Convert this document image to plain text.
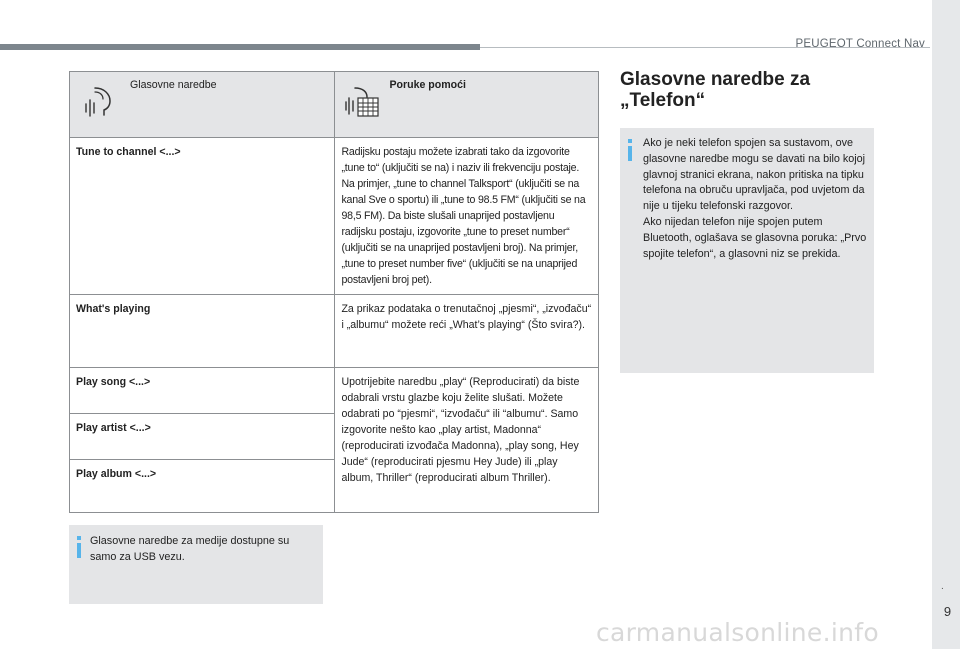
PEUGEOT Connect Nav
.
9
Glasovne naredbe	Poruke pomoći

Tune to channel <...>	Radijsku postaju možete izabrati tako da izgovorite „tune to“ (uključiti se na) i naziv ili frekvenciju postaje. Na primjer, „tune to channel Talksport“ (uključiti se na kanal Sve o sportu) ili „tune to 98.5 FM“ (uključiti se na 98,5 FM). Da biste slušali unaprijed postavljenu radijsku postaju, izgovorite „tune to preset number“ (uključiti se na unaprijed postavljeni broj). Na primjer, „tune to preset number five“ (uključiti se na unaprijed postavljeni broj pet).
What's playing	Za prikaz podataka o trenutačnoj „pjesmi“, „izvođaču“ i „albumu“ možete reći „What’s playing“ (Što svira?).
Play song <...>	Upotrijebite naredbu „play“ (Reproducirati) da biste odabrali vrstu glazbe koju želite slušati. Možete odabrati po “pjesmi“, “izvođaču“ ili “albumu“. Samo izgovorite nešto kao „play artist, Madonna“ (reproducirati izvođača Madonna), „play song, Hey Jude“ (reproducirati pjesmu Hey Jude) ili „play album, Thriller“ (reproducirati album Thriller).
Play artist <...>	
Play album <...>	
Glasovne naredbe za medije dostupne su samo za USB vezu.
Glasovne naredbe za „Telefon“
Ako je neki telefon spojen sa sustavom, ove glasovne naredbe mogu se davati na bilo kojoj glavnoj stranici ekrana, nakon pritiska na tipku telefona na obruču upravljača, pod uvjetom da nije u tijeku telefonski razgovor.
Ako nijedan telefon nije spojen putem Bluetooth, oglašava se glasovna poruka: „Prvo spojite telefon“, a glasovni niz se prekida.
carmanualsonline.info
